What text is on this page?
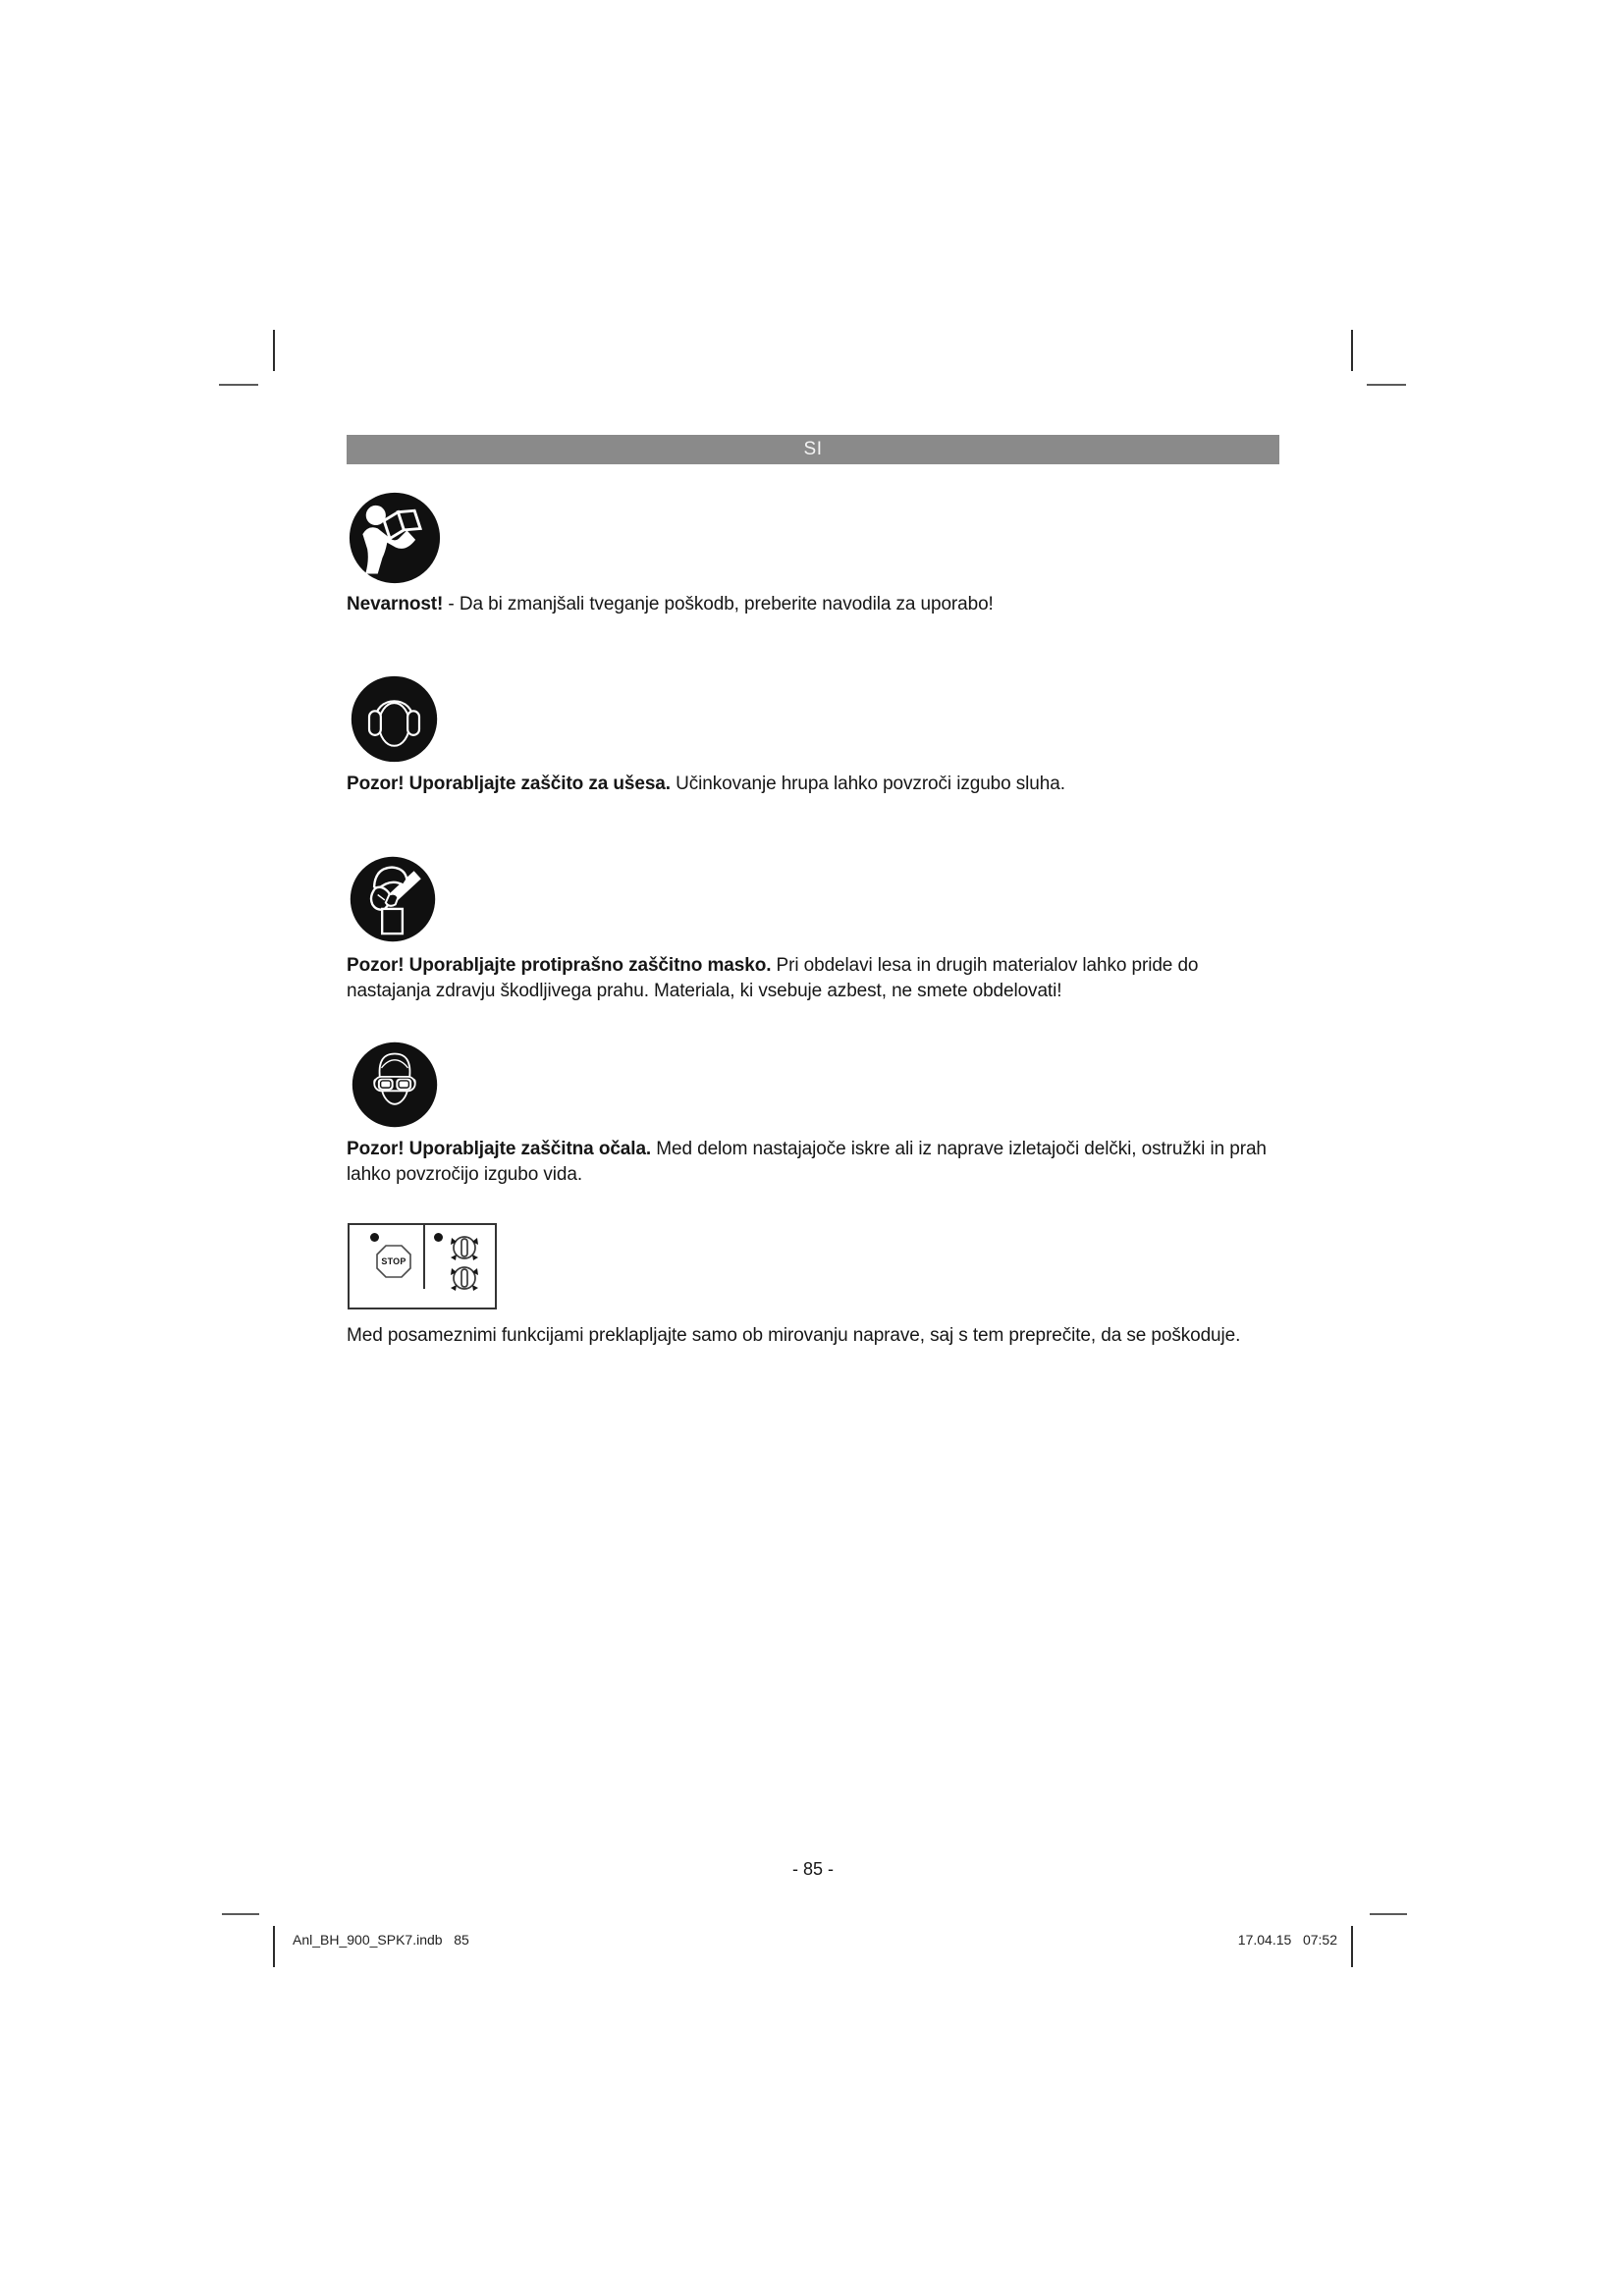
SI
Nevarnost! - Da bi zmanjšali tveganje poškodb, preberite navodila za uporabo!
Pozor! Uporabljajte zaščito za ušesa. Učinkovanje hrupa lahko povzroči izgubo sluha.
Pozor! Uporabljajte protiprašno zaščitno masko. Pri obdelavi lesa in drugih materialov lahko pride do nastajanja zdravju škodljivega prahu. Materiala, ki vsebuje azbest, ne smete obdelovati!
Pozor! Uporabljajte zaščitna očala. Med delom nastajajoče iskre ali iz naprave izletajoči delčki, ostružki in prah lahko povzročijo izgubo vida.
STOP
Med posameznimi funkcijami preklapljajte samo ob mirovanju naprave, saj s tem preprečite, da se poškoduje.
- 85 -
Anl_BH_900_SPK7.indb   85	17.04.15   07:52
